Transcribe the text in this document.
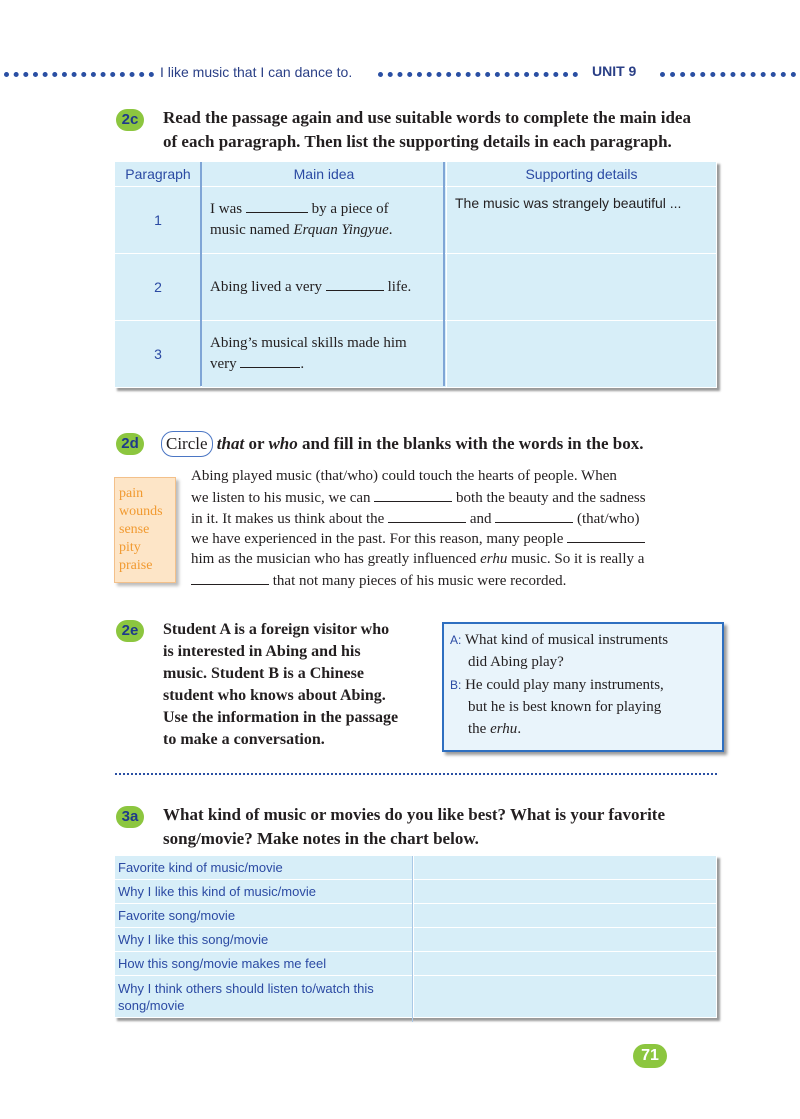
I like music that I can dance to.	UNIT 9
2c	Read the passage again and use suitable words to complete the main idea
of each paragraph. Then list the supporting details in each paragraph.
Paragraph	Main idea	Supporting details
1	I was by a piece of
music named Erquan Yingyue.	The music was strangely beautiful ...
2	Abing lived a very life.	
3	Abing’s musical skills made him
very .	
2d	Circle that or who and fill in the blanks with the words in the box.
pain
wounds
sense
pity
praise
Abing played music (that/who) could touch the hearts of people. When
we listen to his music, we can	both the beauty and the sadness
in it. It makes us think about the	and	(that/who)
we have experienced in the past. For this reason, many people
him as the musician who has greatly influenced erhu music. So it is really a
that not many pieces of his music were recorded.
2e	Student A is a foreign visitor who
is interested in Abing and his
music. Student B is a Chinese
student who knows about Abing.
Use the information in the passage
to make a conversation.
A: What kind of musical instruments
did Abing play?
B: He could play many instruments,
but he is best known for playing
the erhu.
3a	What kind of music or movies do you like best? What is your favorite
song/movie? Make notes in the chart below.
Favorite kind of music/movie	
Why I like this kind of music/movie	
Favorite song/movie	
Why I like this song/movie	
How this song/movie makes me feel	
Why I think others should listen to/watch this
song/movie	
71
